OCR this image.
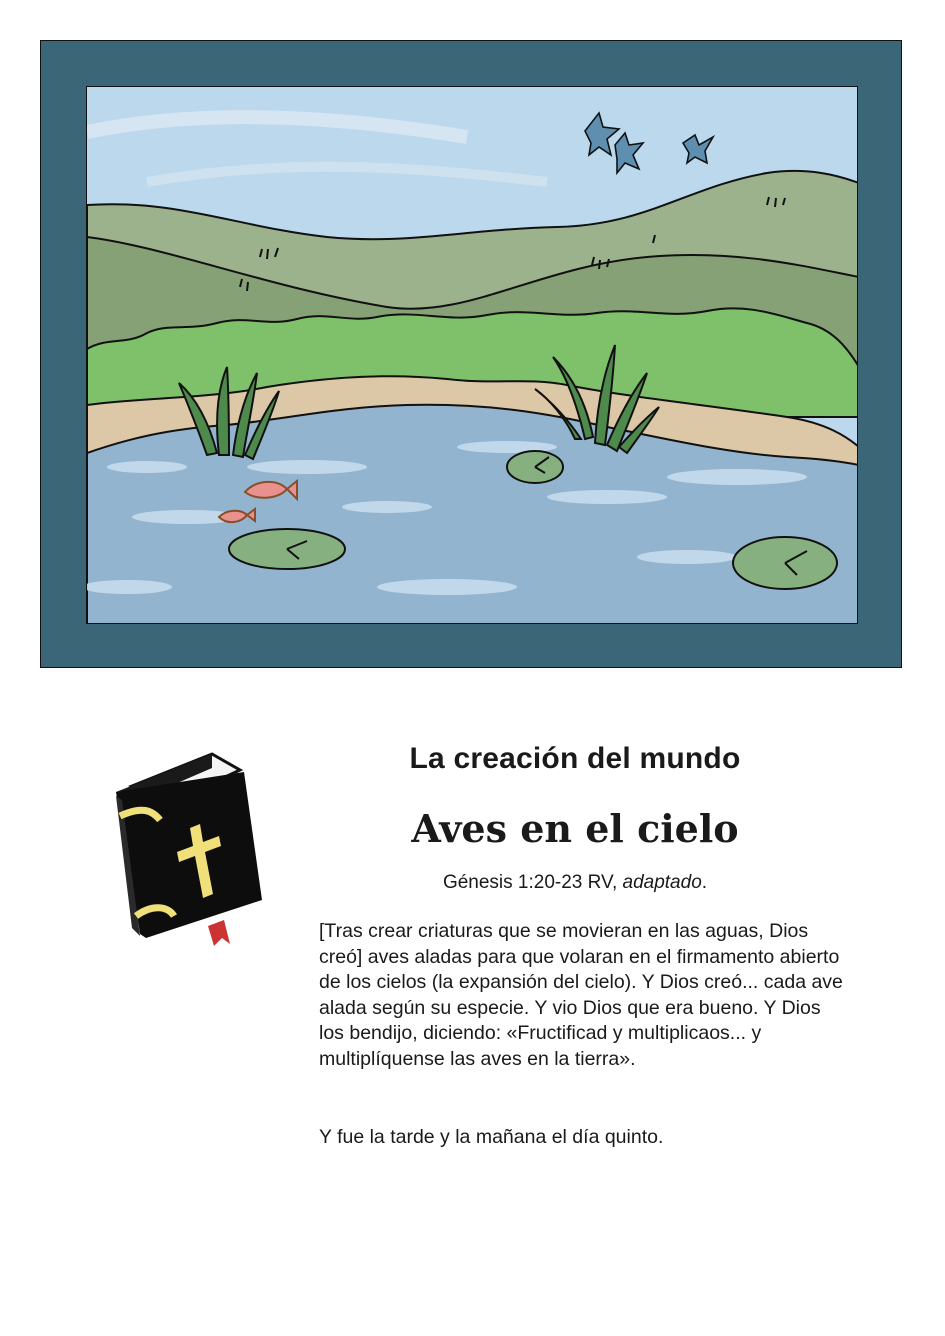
La creación del mundo
Aves en el cielo
Génesis 1:20-23 RV, adaptado.
[Tras crear criaturas que se movieran en las aguas, Dios creó] aves aladas para que volaran en el firmamento abierto de los cielos (la expansión del cielo). Y Dios creó... cada ave alada según su especie. Y vio Dios que era bueno. Y Dios los bendijo, diciendo: «Fructificad y multiplicaos... y multiplíquense las aves en la tierra».
Y fue la tarde y la mañana el día quinto.
